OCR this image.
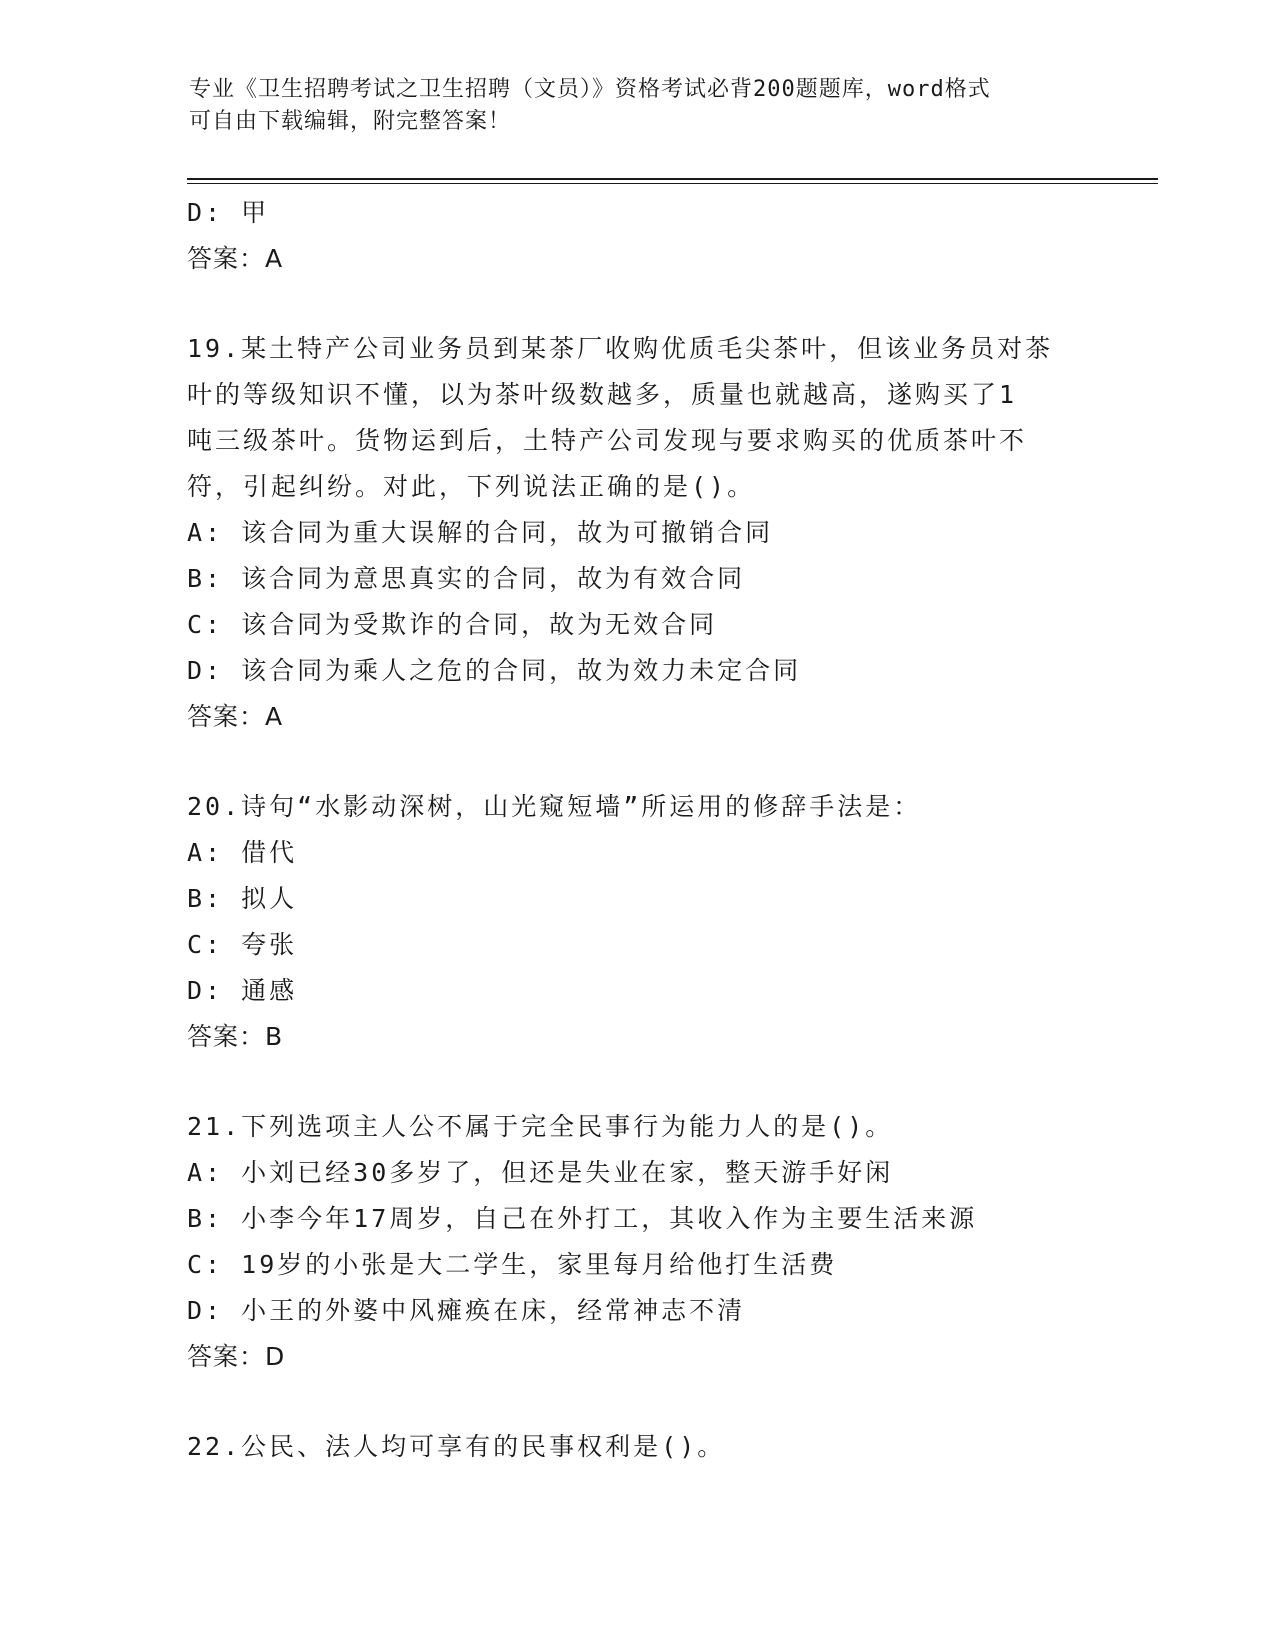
专业《卫生招聘考试之卫生招聘（文员）》资格考试必背200题题库，word格式
可自由下载编辑，附完整答案！
D: 甲
答案：A
19.某土特产公司业务员到某茶厂收购优质毛尖茶叶，但该业务员对茶
叶的等级知识不懂，以为茶叶级数越多，质量也就越高，遂购买了1
吨三级茶叶。货物运到后，土特产公司发现与要求购买的优质茶叶不
符，引起纠纷。对此，下列说法正确的是()。
A: 该合同为重大误解的合同，故为可撤销合同
B: 该合同为意思真实的合同，故为有效合同
C: 该合同为受欺诈的合同，故为无效合同
D: 该合同为乘人之危的合同，故为效力未定合同
答案：A
20.诗句“水影动深树，山光窥短墙”所运用的修辞手法是：
A: 借代
B: 拟人
C: 夸张
D: 通感
答案：B
21.下列选项主人公不属于完全民事行为能力人的是()。
A: 小刘已经30多岁了，但还是失业在家，整天游手好闲
B: 小李今年17周岁，自己在外打工，其收入作为主要生活来源
C: 19岁的小张是大二学生，家里每月给他打生活费
D: 小王的外婆中风瘫痪在床，经常神志不清
答案：D
22.公民、法人均可享有的民事权利是()。
